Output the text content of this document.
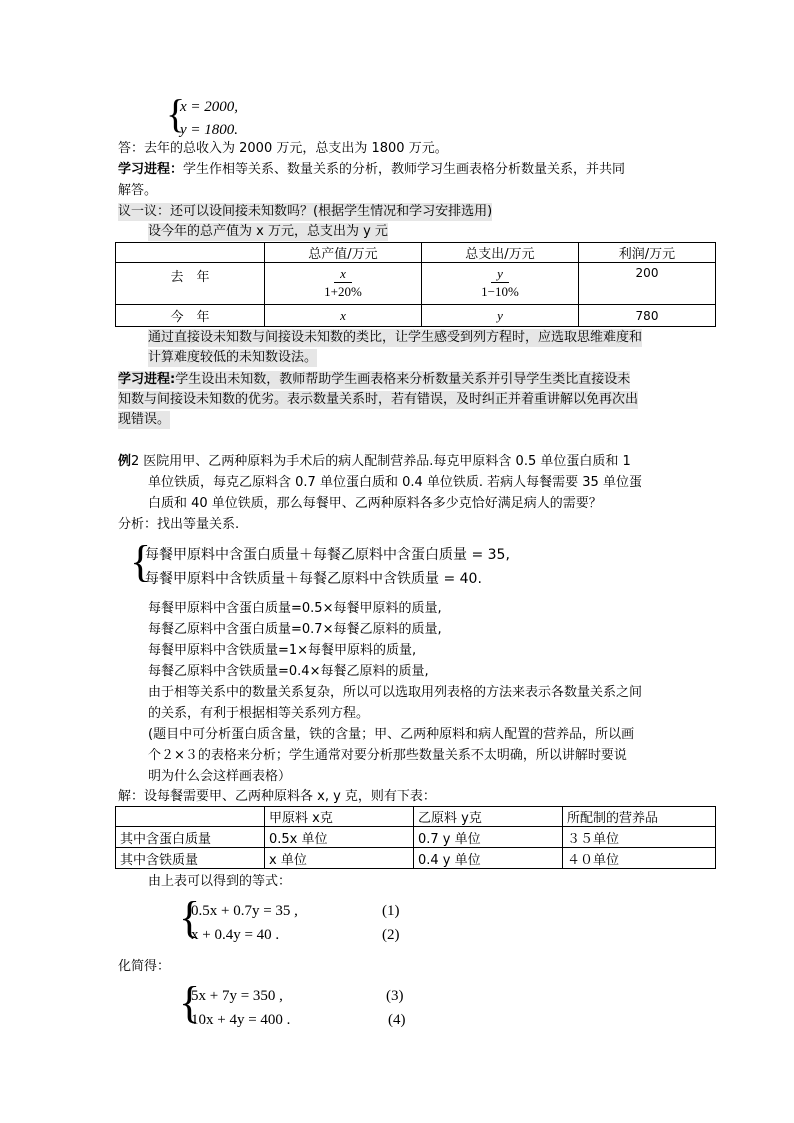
{
x = 2000,
y = 1800.
答：去年的总收入为 2000 万元，总支出为 1800 万元。
学习进程：学生作相等关系、数量关系的分析，教师学习生画表格分析数量关系，并共同
解答。
议一议：还可以设间接未知数吗？(根据学生情况和学习安排选用)
设今年的总产值为 x 万元，总支出为 y 元
	总产值/万元	总支出/万元	利润/万元
去　年	$\frac{x}{1+20\%}$	$\frac{y}{1-10\%}$	200
今　年	x	y	780
通过直接设未知数与间接设未知数的类比，让学生感受到列方程时，应选取思维难度和
计算难度较低的未知数设法。
学习进程:学生设出未知数，教师帮助学生画表格来分析数量关系并引导学生类比直接设未
知数与间接设未知数的优劣。表示数量关系时，若有错误，及时纠正并着重讲解以免再次出
现错误。
例2 医院用甲、乙两种原料为手术后的病人配制营养品.每克甲原料含 0.5 单位蛋白质和 1
单位铁质，每克乙原料含 0.7 单位蛋白质和 0.4 单位铁质. 若病人每餐需要 35 单位蛋
白质和 40 单位铁质，那么每餐甲、乙两种原料各多少克恰好满足病人的需要？
分析：找出等量关系.
{
每餐甲原料中含蛋白质量＋每餐乙原料中含蛋白质量 = 35,
每餐甲原料中含铁质量＋每餐乙原料中含铁质量 = 40.
每餐甲原料中含蛋白质量=0.5×每餐甲原料的质量,
每餐乙原料中含蛋白质量=0.7×每餐乙原料的质量,
每餐甲原料中含铁质量=1×每餐甲原料的质量,
每餐乙原料中含铁质量=0.4×每餐乙原料的质量,
由于相等关系中的数量关系复杂，所以可以选取用列表格的方法来表示各数量关系之间
的关系，有利于根据相等关系列方程。
(题目中可分析蛋白质含量，铁的含量；甲、乙两种原料和病人配置的营养品，所以画
个２×３的表格来分析；学生通常对要分析那些数量关系不太明确，所以讲解时要说
明为什么会这样画表格）
解：设每餐需要甲、乙两种原料各 x, y 克，则有下表：
	甲原料 x克	乙原料 y克	所配制的营养品
其中含蛋白质量	0.5x 单位	0.7 y 单位	３５单位
其中含铁质量	x 单位	0.4 y 单位	４０单位
由上表可以得到的等式：
{
0.5x + 0.7y = 35 ,	(1)
x + 0.4y = 40 .	(2)
化简得：
{
5x + 7y = 350 ,	(3)
10x + 4y = 400 .	(4)
